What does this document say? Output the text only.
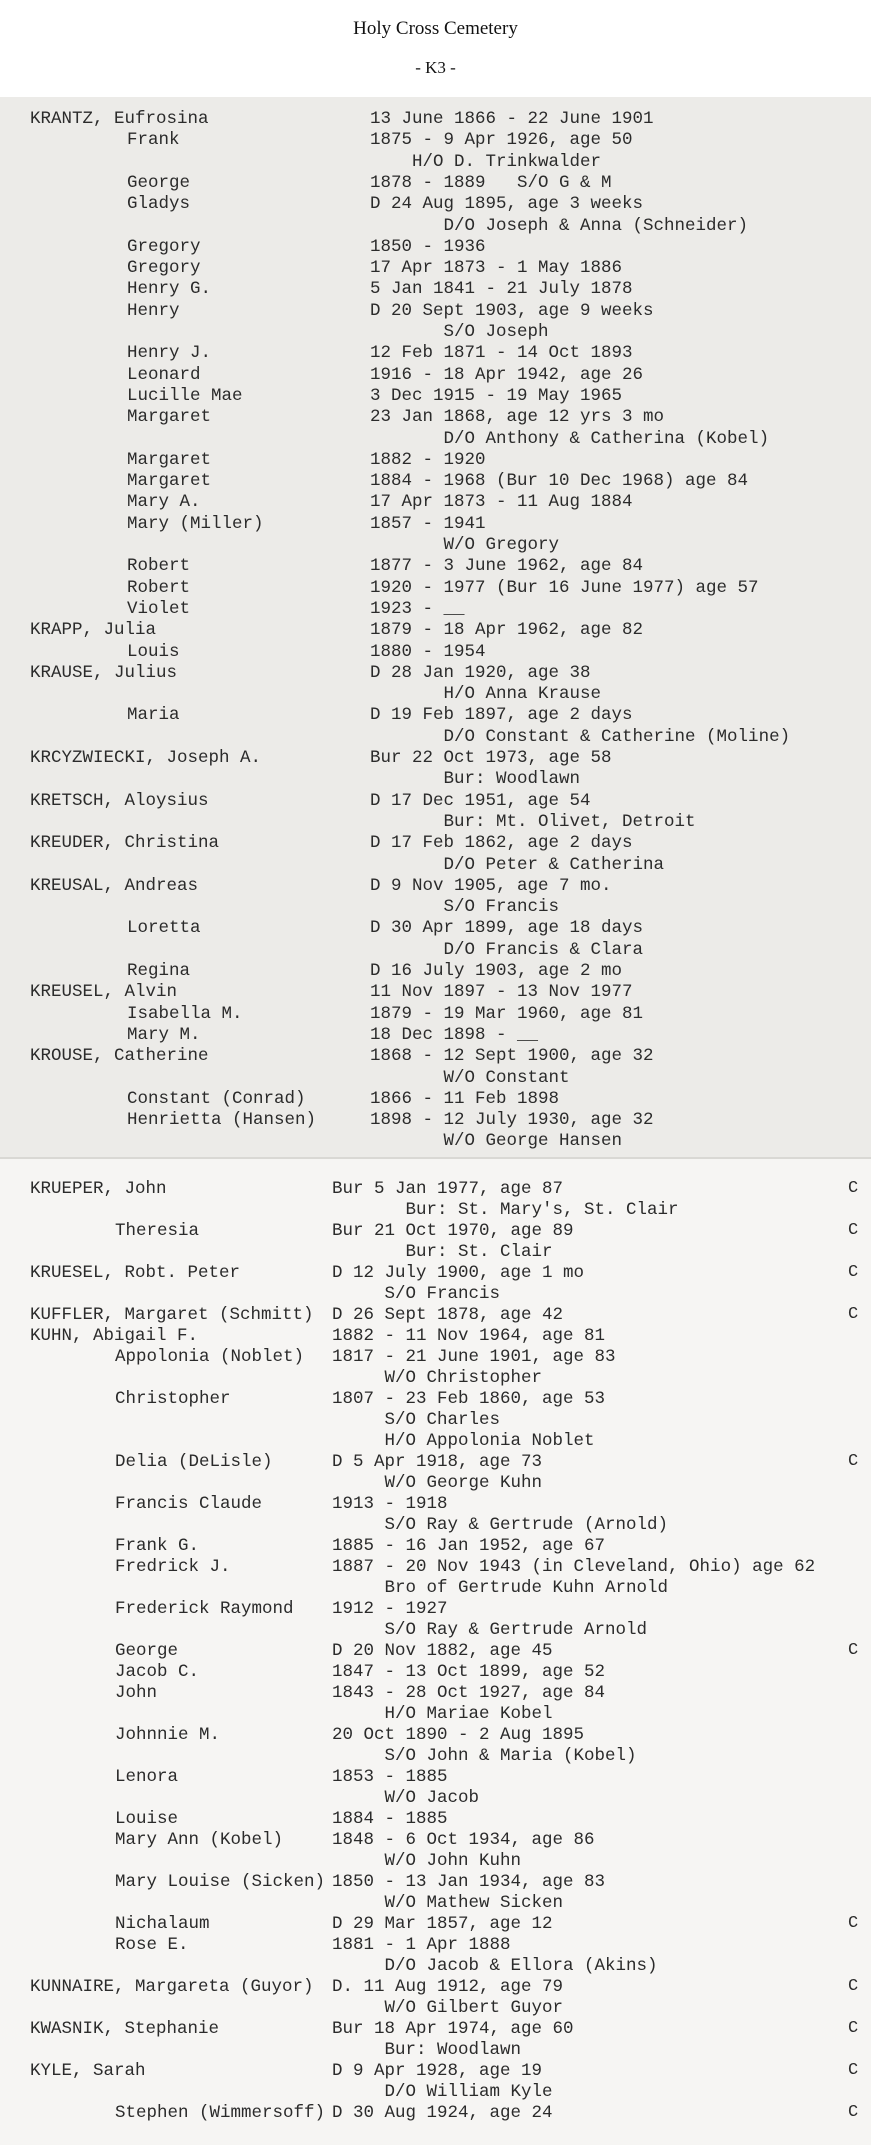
Holy Cross Cemetery
- K3 -
KRANTZ, Eufrosina	13 June 1866 - 22 June 1901
Frank	1875 - 9 Apr 1926, age 50
H/O D. Trinkwalder
George	1878 - 1889   S/O G & M
Gladys	D 24 Aug 1895, age 3 weeks
D/O Joseph & Anna (Schneider)
Gregory	1850 - 1936
Gregory	17 Apr 1873 - 1 May 1886
Henry G.	5 Jan 1841 - 21 July 1878
Henry	D 20 Sept 1903, age 9 weeks
S/O Joseph
Henry J.	12 Feb 1871 - 14 Oct 1893
Leonard	1916 - 18 Apr 1942, age 26
Lucille Mae	3 Dec 1915 - 19 May 1965
Margaret	23 Jan 1868, age 12 yrs 3 mo
D/O Anthony & Catherina (Kobel)
Margaret	1882 - 1920
Margaret	1884 - 1968 (Bur 10 Dec 1968) age 84
Mary A.	17 Apr 1873 - 11 Aug 1884
Mary (Miller)	1857 - 1941
W/O Gregory
Robert	1877 - 3 June 1962, age 84
Robert	1920 - 1977 (Bur 16 June 1977) age 57
Violet	1923 - __
KRAPP, Julia	1879 - 18 Apr 1962, age 82
Louis	1880 - 1954
KRAUSE, Julius	D 28 Jan 1920, age 38
H/O Anna Krause
Maria	D 19 Feb 1897, age 2 days
D/O Constant & Catherine (Moline)
KRCYZWIECKI, Joseph A.	Bur 22 Oct 1973, age 58
Bur: Woodlawn
KRETSCH, Aloysius	D 17 Dec 1951, age 54
Bur: Mt. Olivet, Detroit
KREUDER, Christina	D 17 Feb 1862, age 2 days
D/O Peter & Catherina
KREUSAL, Andreas	D 9 Nov 1905, age 7 mo.
S/O Francis
Loretta	D 30 Apr 1899, age 18 days
D/O Francis & Clara
Regina	D 16 July 1903, age 2 mo
KREUSEL, Alvin	11 Nov 1897 - 13 Nov 1977
Isabella M.	1879 - 19 Mar 1960, age 81
Mary M.	18 Dec 1898 - __
KROUSE, Catherine	1868 - 12 Sept 1900, age 32
W/O Constant
Constant (Conrad)	1866 - 11 Feb 1898
Henrietta (Hansen)	1898 - 12 July 1930, age 32
W/O George Hansen
KRUEPER, John	Bur 5 Jan 1977, age 87	C
Bur: St. Mary's, St. Clair
Theresia	Bur 21 Oct 1970, age 89	C
Bur: St. Clair
KRUESEL, Robt. Peter	D 12 July 1900, age 1 mo	C
S/O Francis
KUFFLER, Margaret (Schmitt) D 26 Sept 1878, age 42	C
KUHN, Abigail F.	1882 - 11 Nov 1964, age 81
Appolonia (Noblet) 1817 - 21 June 1901, age 83
W/O Christopher
Christopher	1807 - 23 Feb 1860, age 53
S/O Charles
H/O Appolonia Noblet
Delia (DeLisle)	D 5 Apr 1918, age 73	C
W/O George Kuhn
Francis Claude	1913 - 1918
S/O Ray & Gertrude (Arnold)
Frank G.	1885 - 16 Jan 1952, age 67
Fredrick J.	1887 - 20 Nov 1943 (in Cleveland, Ohio) age 62
Bro of Gertrude Kuhn Arnold
Frederick Raymond 1912 - 1927
S/O Ray & Gertrude Arnold
George	D 20 Nov 1882, age 45	C
Jacob C.	1847 - 13 Oct 1899, age 52
John	1843 - 28 Oct 1927, age 84
H/O Mariae Kobel
Johnnie M.	20 Oct 1890 - 2 Aug 1895
S/O John & Maria (Kobel)
Lenora	1853 - 1885
W/O Jacob
Louise	1884 - 1885
Mary Ann (Kobel)	1848 - 6 Oct 1934, age 86
W/O John Kuhn
Mary Louise (Sicken) 1850 - 13 Jan 1934, age 83
W/O Mathew Sicken
Nichalaum	D 29 Mar 1857, age 12	C
Rose E.	1881 - 1 Apr 1888
D/O Jacob & Ellora (Akins)
KUNNAIRE, Margareta (Guyor) D. 11 Aug 1912, age 79	C
W/O Gilbert Guyor
KWASNIK, Stephanie	Bur 18 Apr 1974, age 60	C
Bur: Woodlawn
KYLE, Sarah	D 9 Apr 1928, age 19	C
D/O William Kyle
Stephen (Wimmersoff) D 30 Aug 1924, age 24	C
